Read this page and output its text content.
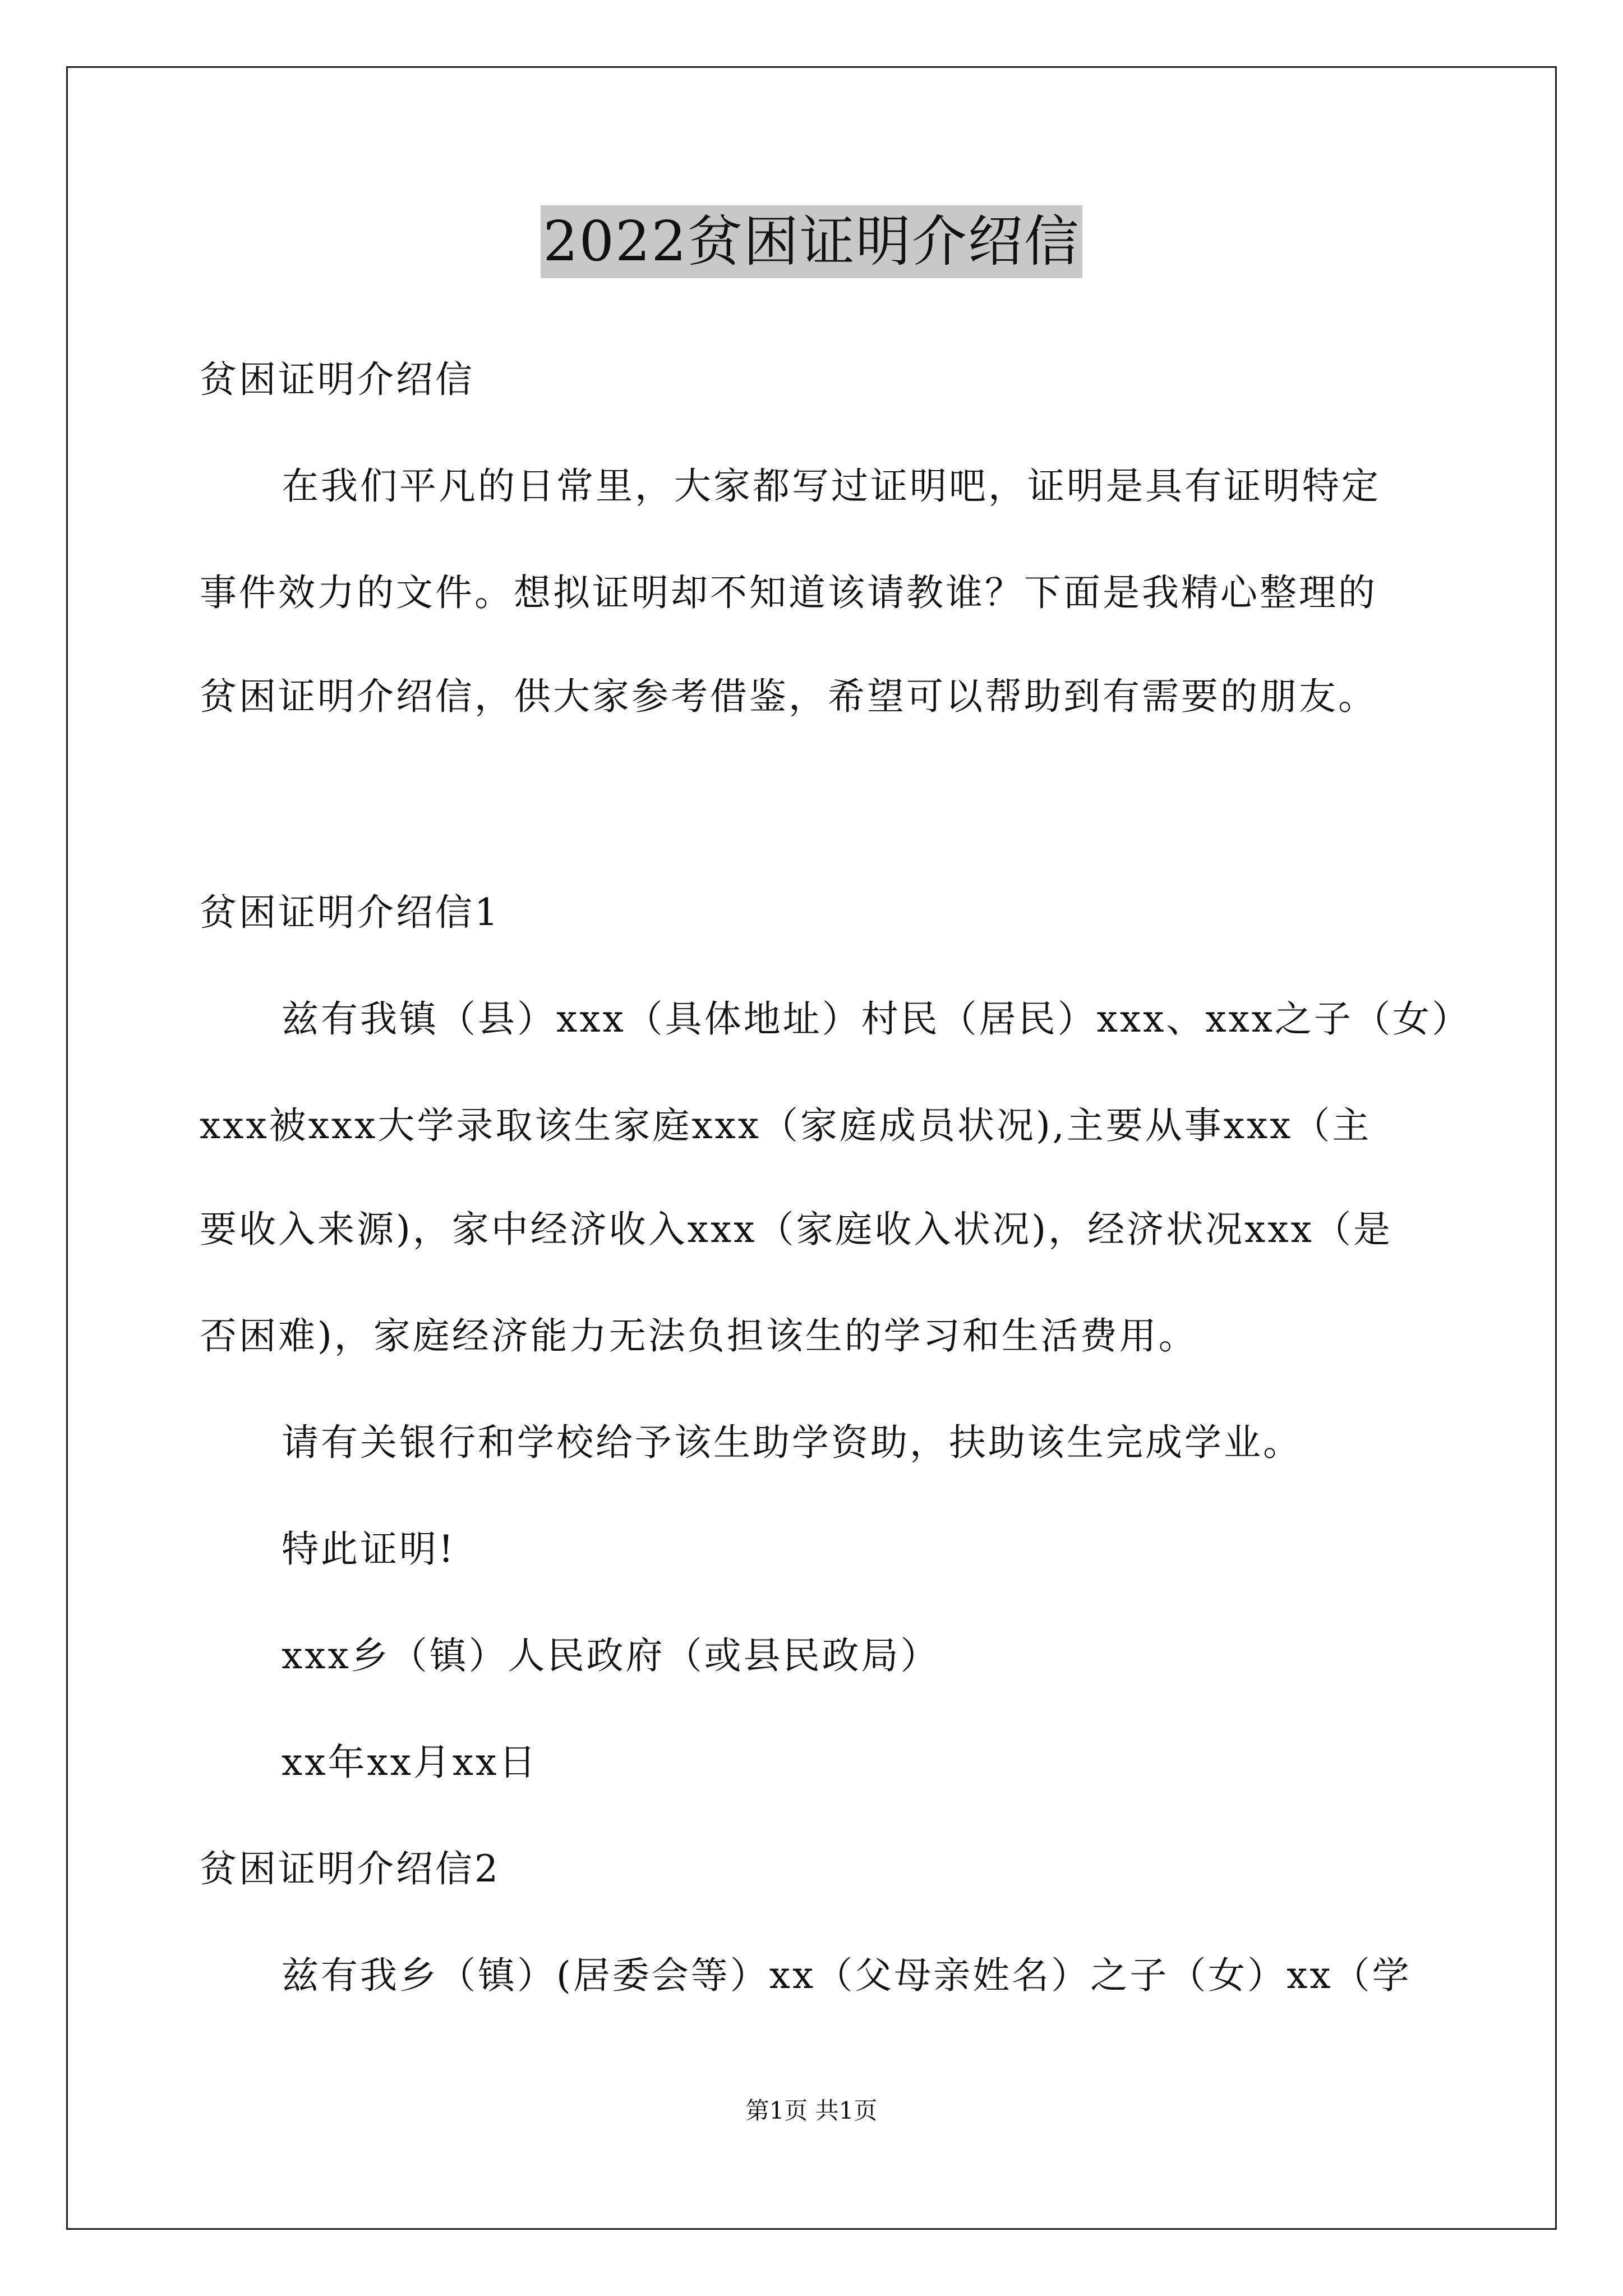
2022贫困证明介绍信
贫困证明介绍信
在我们平凡的日常里，大家都写过证明吧，证明是具有证明特定
事件效力的文件。想拟证明却不知道该请教谁？下面是我精心整理的
贫困证明介绍信，供大家参考借鉴，希望可以帮助到有需要的朋友。
贫困证明介绍信1
兹有我镇（县）xxx（具体地址）村民（居民）xxx、xxx之子（女）
xxx被xxx大学录取该生家庭xxx（家庭成员状况),主要从事xxx（主
要收入来源)，家中经济收入xxx（家庭收入状况)，经济状况xxx（是
否困难)，家庭经济能力无法负担该生的学习和生活费用。
请有关银行和学校给予该生助学资助，扶助该生完成学业。
特此证明!
xxx乡（镇）人民政府（或县民政局）
xx年xx月xx日
贫困证明介绍信2
兹有我乡（镇）(居委会等）xx（父母亲姓名）之子（女）xx（学
第1页 共1页
